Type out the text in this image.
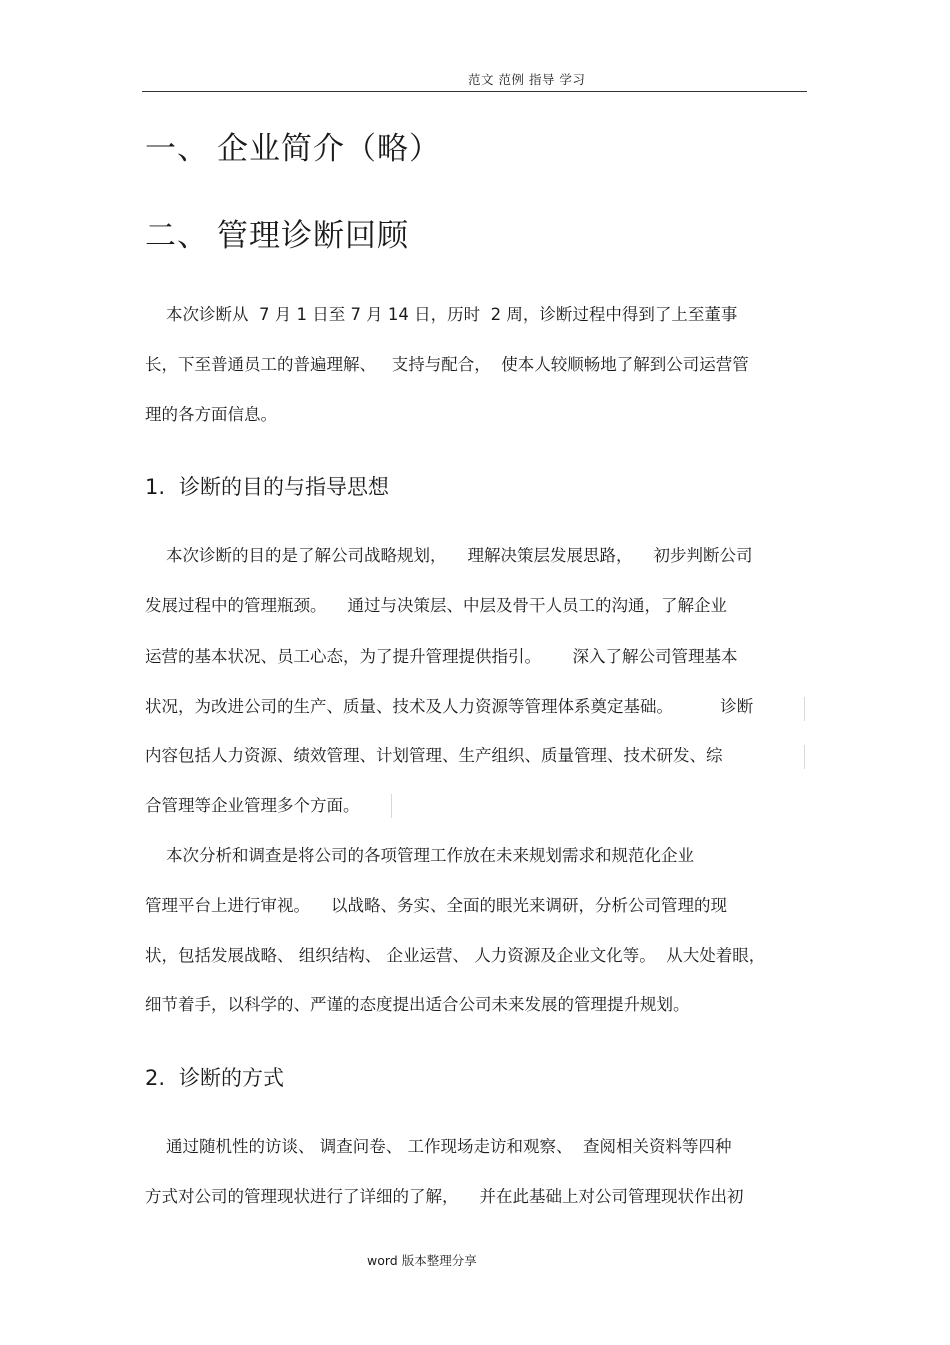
范文 范例 指导 学习
一、 企业简介（略）
二、 管理诊断回顾
本次诊断从  7 月 1 日至 7 月 14 日，历时  2 周，诊断过程中得到了上至董事
长，下至普通员工的普遍理解、   支持与配合，  使本人较顺畅地了解到公司运营管
理的各方面信息。
1. 诊断的目的与指导思想
本次诊断的目的是了解公司战略规划，    理解决策层发展思路，    初步判断公司
发展过程中的管理瓶颈。    通过与决策层、中层及骨干人员工的沟通，了解企业
运营的基本状况、员工心态，为了提升管理提供指引。      深入了解公司管理基本
状况，为改进公司的生产、质量、技术及人力资源等管理体系奠定基础。         诊断
内容包括人力资源、绩效管理、计划管理、生产组织、质量管理、技术研发、综
合管理等企业管理多个方面。
本次分析和调查是将公司的各项管理工作放在未来规划需求和规范化企业
管理平台上进行审视。    以战略、务实、全面的眼光来调研，分析公司管理的现
状，包括发展战略、 组织结构、 企业运营、 人力资源及企业文化等。  从大处着眼，
细节着手，以科学的、严谨的态度提出适合公司未来发展的管理提升规划。
2. 诊断的方式
通过随机性的访谈、 调查问卷、 工作现场走访和观察、  查阅相关资料等四种
方式对公司的管理现状进行了详细的了解，    并在此基础上对公司管理现状作出初
word 版本整理分享
